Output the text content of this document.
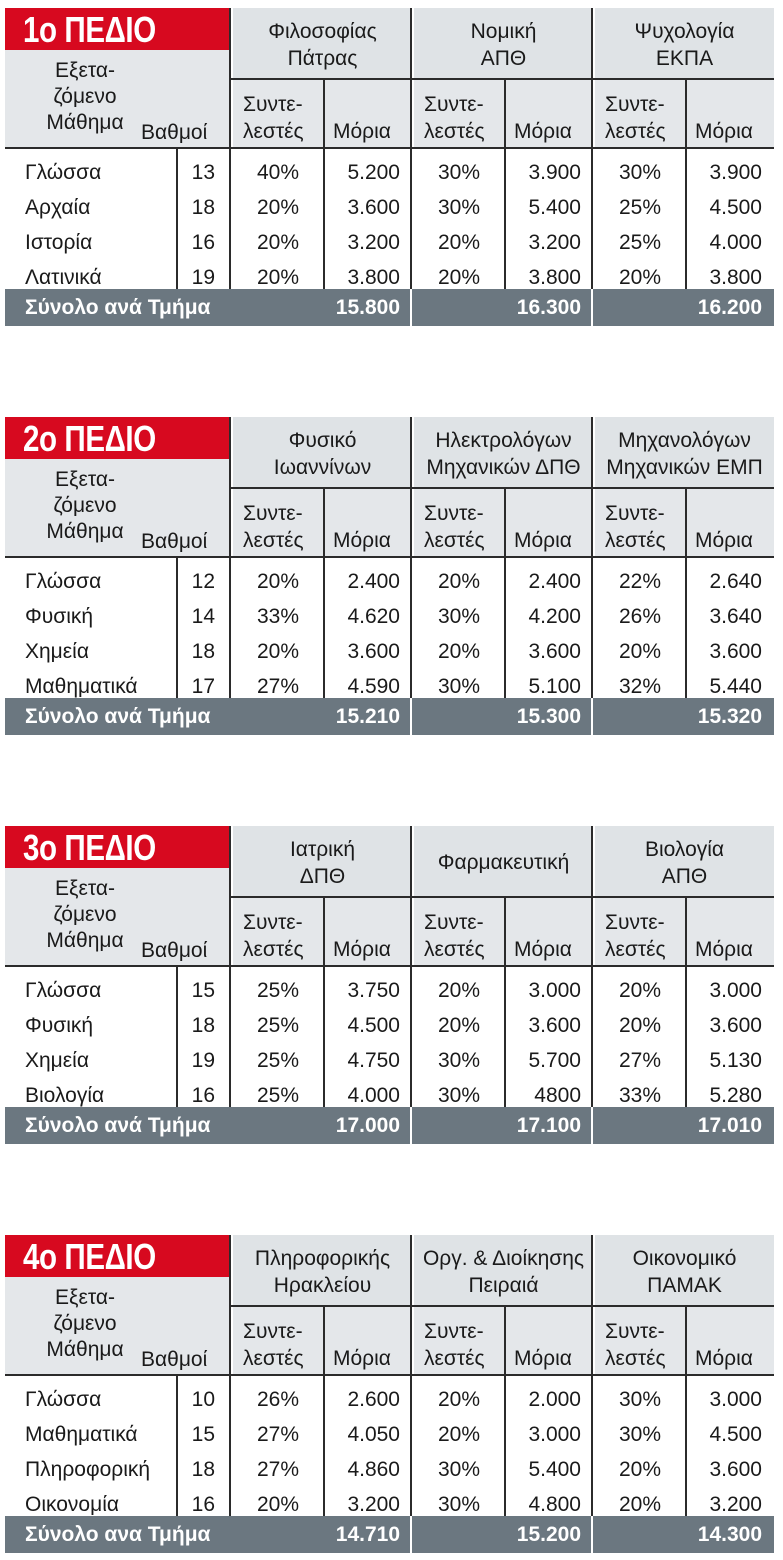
1ο ΠΕΔΙΟ
Εξετα-
ζόμενο
Μάθημα Βαθμοί
Φιλοσοφίας
Πάτρας
Συντε-
λεστές Μόρια
Νομική
ΑΠΘ
Συντε-
λεστές Μόρια
Ψυχολογία
ΕΚΠΑ
Συντε-
λεστές Μόρια
Γλώσσα	13	40%	5.200	30%	3.900	30%	3.900
Αρχαία	18	20%	3.600	30%	5.400	25%	4.500
Ιστορία	16	20%	3.200	20%	3.200	25%	4.000
Λατινικά	19	20%	3.800	20%	3.800	20%	3.800
Σύνολο ανά Τμήμα	15.800	16.300	16.200
2ο ΠΕΔΙΟ
Εξετα-
ζόμενο
Μάθημα Βαθμοί
Φυσικό
Ιωαννίνων
Συντε-
λεστές Μόρια
Ηλεκτρολόγων
Μηχανικών ΔΠΘ
Συντε-
λεστές Μόρια
Μηχανολόγων
Μηχανικών ΕΜΠ
Συντε-
λεστές Μόρια
Γλώσσα	12	20%	2.400	20%	2.400	22%	2.640
Φυσική	14	33%	4.620	30%	4.200	26%	3.640
Χημεία	18	20%	3.600	20%	3.600	20%	3.600
Μαθηματικά	17	27%	4.590	30%	5.100	32%	5.440
Σύνολο ανά Τμήμα	15.210	15.300	15.320
3ο ΠΕΔΙΟ
Εξετα-
ζόμενο
Μάθημα Βαθμοί
Ιατρική
ΔΠΘ
Συντε-
λεστές Μόρια
Φαρμακευτική
Συντε-
λεστές Μόρια
Βιολογία
ΑΠΘ
Συντε-
λεστές Μόρια
Γλώσσα	15	25%	3.750	20%	3.000	20%	3.000
Φυσική	18	25%	4.500	20%	3.600	20%	3.600
Χημεία	19	25%	4.750	30%	5.700	27%	5.130
Βιολογία	16	25%	4.000	30%	4800	33%	5.280
Σύνολο ανά Τμήμα	17.000	17.100	17.010
4ο ΠΕΔΙΟ
Εξετα-
ζόμενο
Μάθημα Βαθμοί
Πληροφορικής
Ηρακλείου
Συντε-
λεστές Μόρια
Οργ. & Διοίκησης
Πειραιά
Συντε-
λεστές Μόρια
Οικονομικό
ΠΑΜΑΚ
Συντε-
λεστές Μόρια
Γλώσσα	10	26%	2.600	20%	2.000	30%	3.000
Μαθηματικά	15	27%	4.050	20%	3.000	30%	4.500
Πληροφορική	18	27%	4.860	30%	5.400	20%	3.600
Οικονομία	16	20%	3.200	30%	4.800	20%	3.200
Σύνολο ανα Τμήμα	14.710	15.200	14.300
